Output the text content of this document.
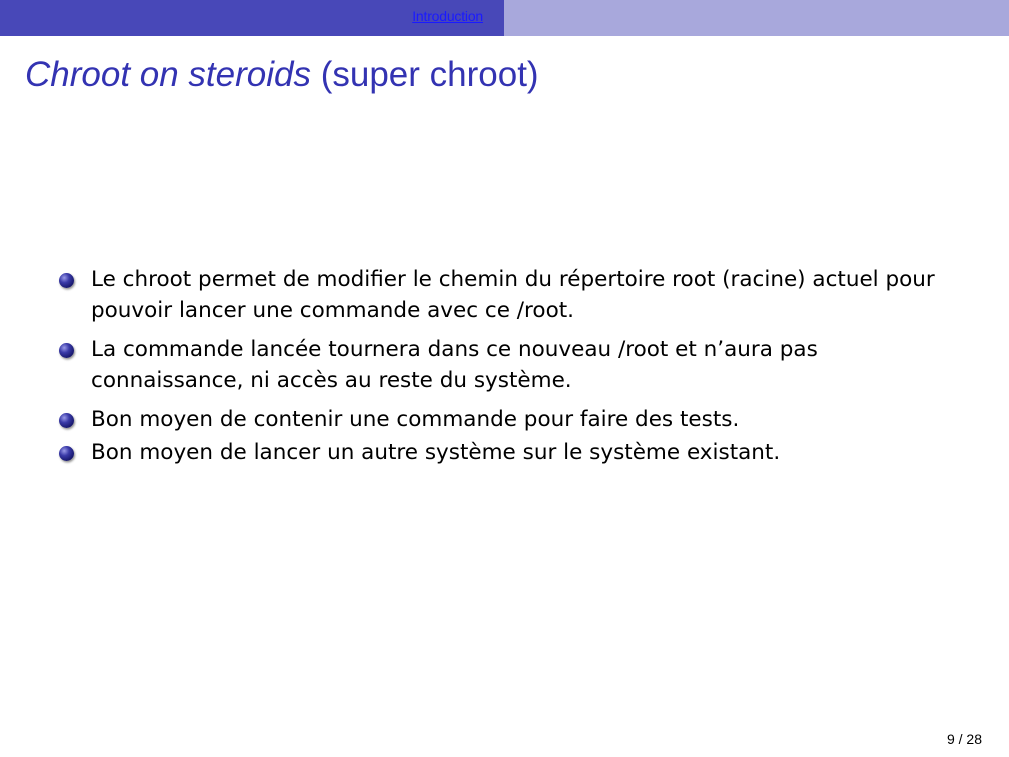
Introduction
Chroot on steroids (super chroot)
Le chroot permet de modifier le chemin du répertoire root (racine) actuel pour pouvoir lancer une commande avec ce /root.
La commande lancée tournera dans ce nouveau /root et n’aura pas connaissance, ni accès au reste du système.
Bon moyen de contenir une commande pour faire des tests.
Bon moyen de lancer un autre système sur le système existant.
9 / 28
